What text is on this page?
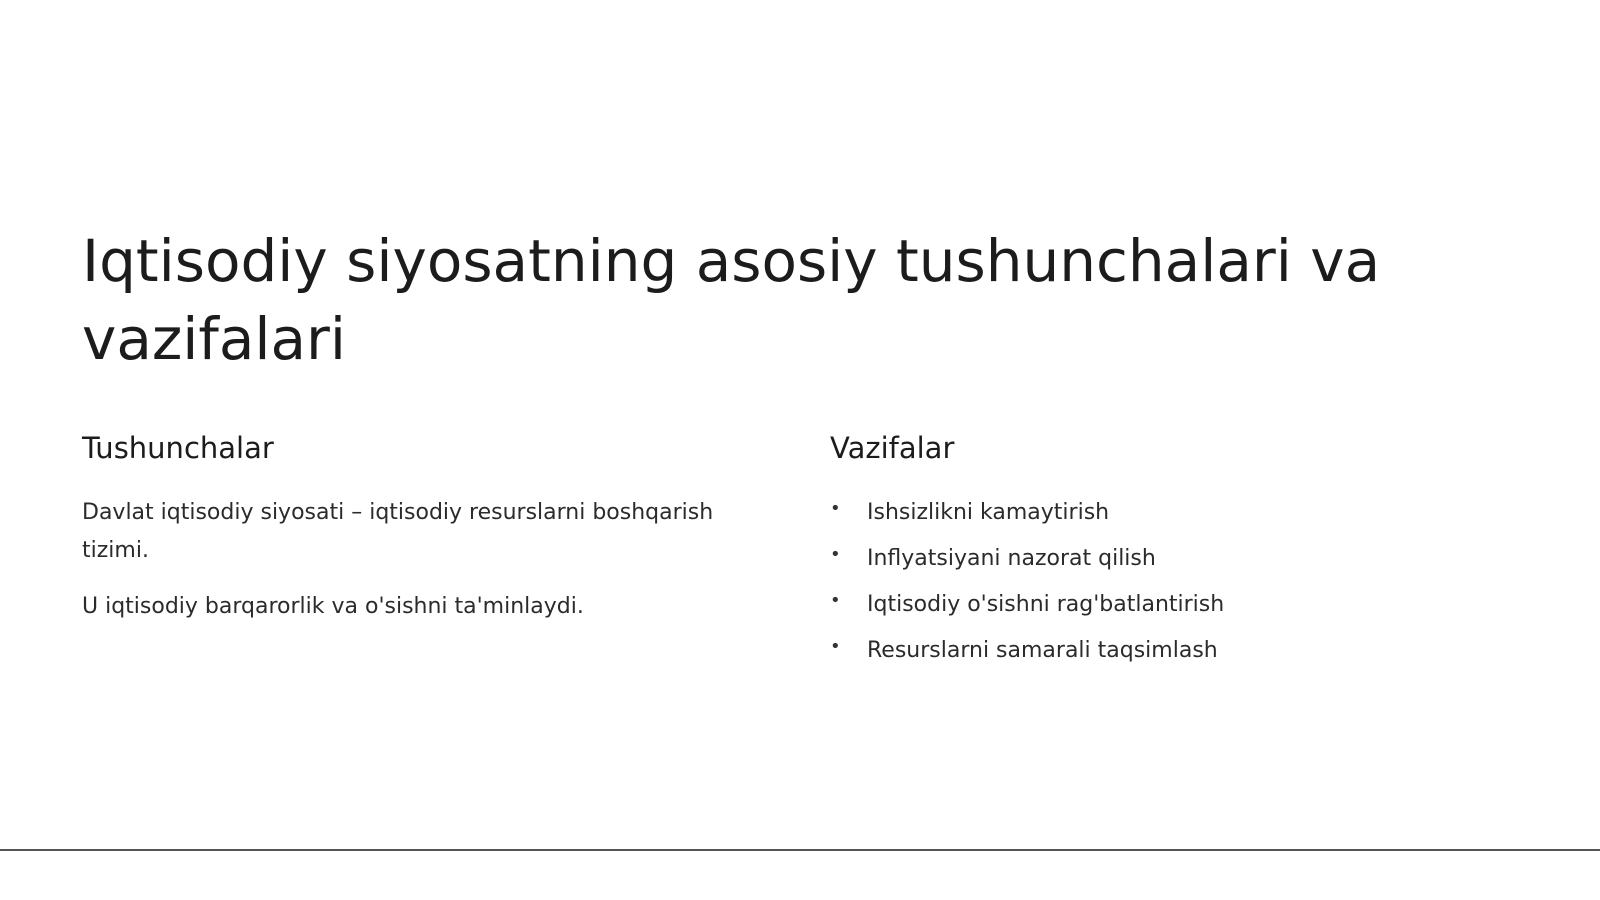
Iqtisodiy siyosatning asosiy tushunchalari va vazifalari
Tushunchalar

Davlat iqtisodiy siyosati – iqtisodiy resurslarni boshqarish tizimi.

U iqtisodiy barqarorlik va o'sishni ta'minlaydi.

Vazifalar
• Ishsizlikni kamaytirish
• Inflyatsiyani nazorat qilish
• Iqtisodiy o'sishni rag'batlantirish
• Resurslarni samarali taqsimlash
